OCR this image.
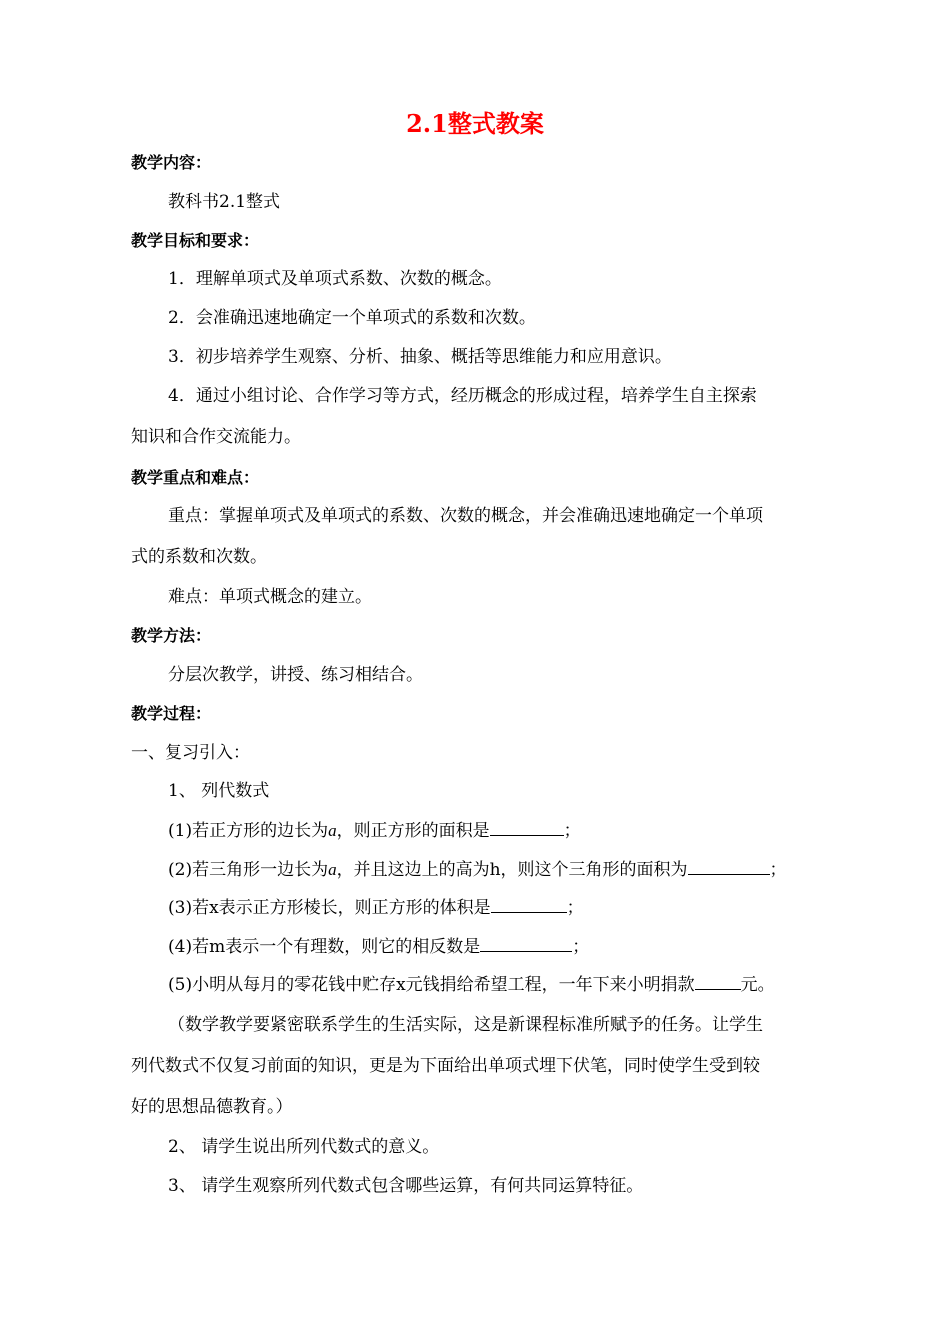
2.1整式教案
教学内容：
教科书2.1整式
教学目标和要求：
1．理解单项式及单项式系数、次数的概念。
2．会准确迅速地确定一个单项式的系数和次数。
3．初步培养学生观察、分析、抽象、概括等思维能力和应用意识。
4．通过小组讨论、合作学习等方式，经历概念的形成过程，培养学生自主探索
知识和合作交流能力。
教学重点和难点：
重点：掌握单项式及单项式的系数、次数的概念，并会准确迅速地确定一个单项
式的系数和次数。
难点：单项式概念的建立。
教学方法：
分层次教学，讲授、练习相结合。
教学过程：
一、复习引入：
1、 列代数式
(1)若正方形的边长为a，则正方形的面积是	；
(2)若三角形一边长为a，并且这边上的高为h，则这个三角形的面积为	；
(3)若x表示正方形棱长，则正方形的体积是	；
(4)若m表示一个有理数，则它的相反数是	；
(5)小明从每月的零花钱中贮存x元钱捐给希望工程，一年下来小明捐款	元。
（数学教学要紧密联系学生的生活实际，这是新课程标准所赋予的任务。让学生
列代数式不仅复习前面的知识，更是为下面给出单项式埋下伏笔，同时使学生受到较
好的思想品德教育。）
2、 请学生说出所列代数式的意义。
3、 请学生观察所列代数式包含哪些运算，有何共同运算特征。
